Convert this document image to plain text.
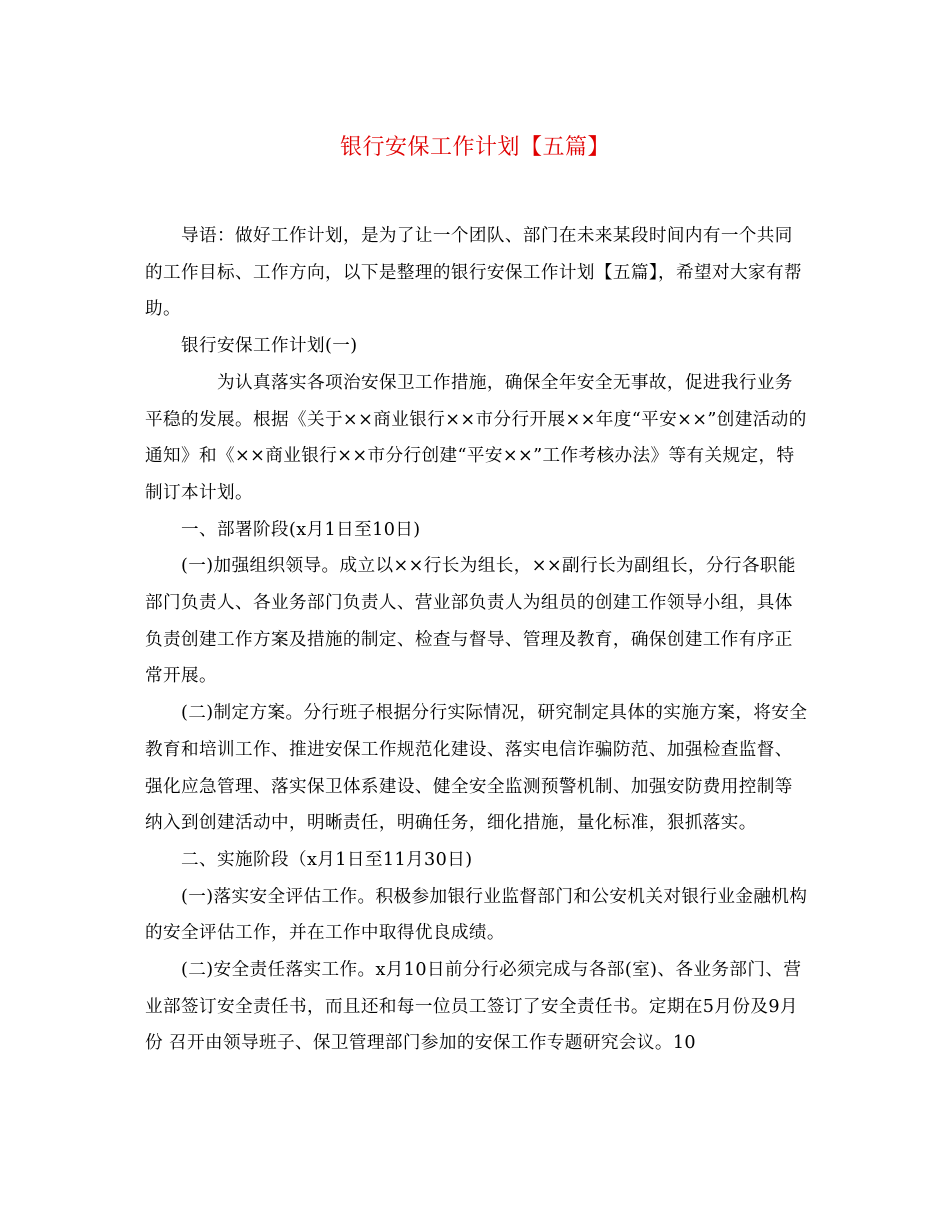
银行安保工作计划【五篇】

导语：做好工作计划，是为了让一个团队、部门在未来某段时间内有一个共同的工作目标、工作方向，以下是整理的银行安保工作计划【五篇】，希望对大家有帮助。

银行安保工作计划(一)

为认真落实各项治安保卫工作措施，确保全年安全无事故，促进我行业务平稳的发展。根据《关于××商业银行××市分行开展××年度“平安××”创建活动的通知》和《××商业银行××市分行创建“平安××”工作考核办法》等有关规定，特制订本计划。

一、部署阶段(x月1日至10日)

(一)加强组织领导。成立以××行长为组长，××副行长为副组长，分行各职能部门负责人、各业务部门负责人、营业部负责人为组员的创建工作领导小组，具体负责创建工作方案及措施的制定、检查与督导、管理及教育，确保创建工作有序正常开展。

(二)制定方案。分行班子根据分行实际情况，研究制定具体的实施方案，将安全教育和培训工作、推进安保工作规范化建设、落实电信诈骗防范、加强检查监督、强化应急管理、落实保卫体系建设、健全安全监测预警机制、加强安防费用控制等纳入到创建活动中，明晰责任，明确任务，细化措施，量化标准，狠抓落实。

二、实施阶段（x月1日至11月30日)

(一)落实安全评估工作。积极参加银行业监督部门和公安机关对银行业金融机构的安全评估工作，并在工作中取得优良成绩。

(二)安全责任落实工作。x月10日前分行必须完成与各部(室)、各业务部门、营业部签订安全责任书，而且还和每一位员工签订了安全责任书。定期在5月份及9月份 召开由领导班子、保卫管理部门参加的安保工作专题研究会议。10
